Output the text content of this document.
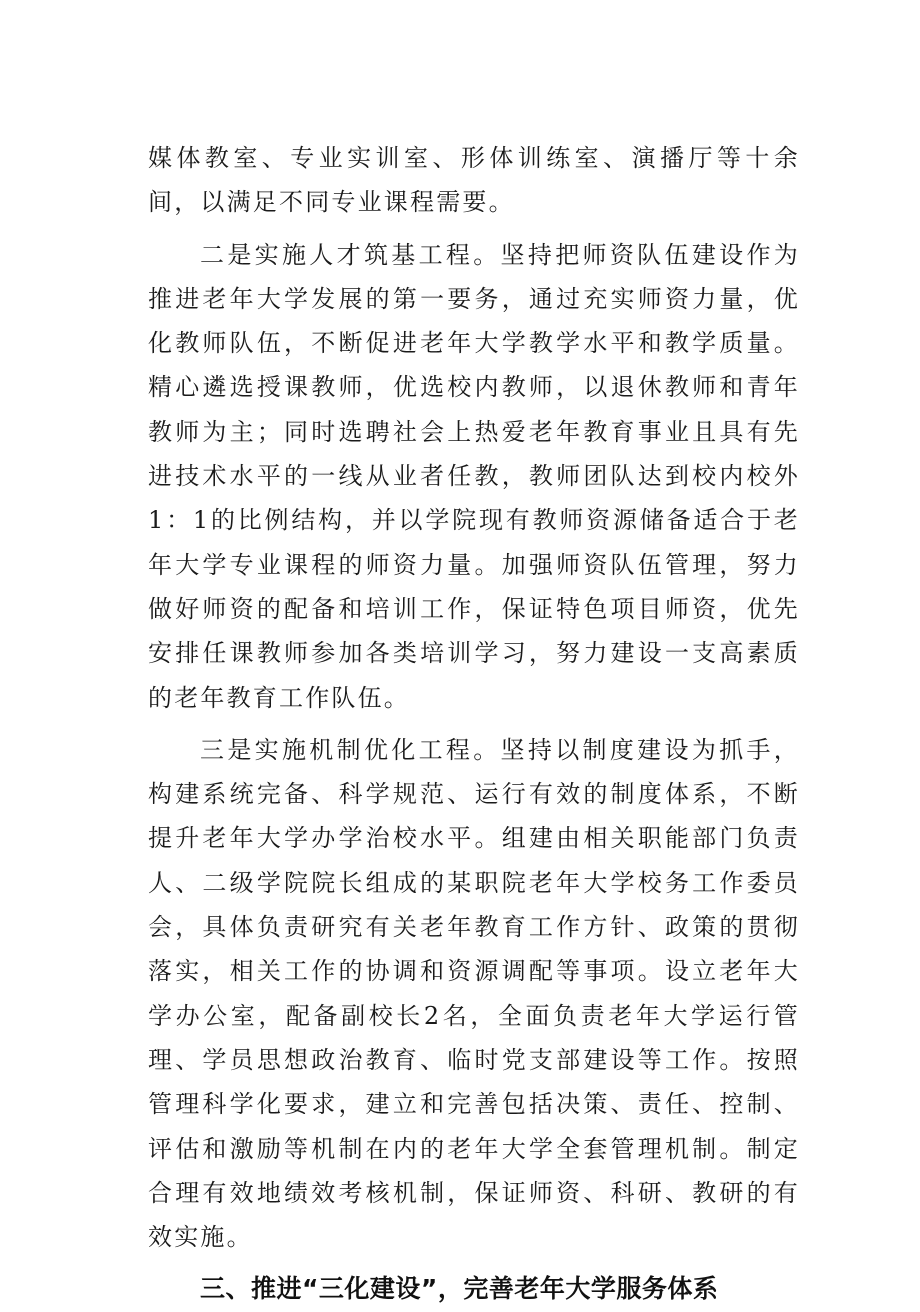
媒体教室、专业实训室、形体训练室、演播厅等十余间，以满足不同专业课程需要。

二是实施人才筑基工程。坚持把师资队伍建设作为推进老年大学发展的第一要务，通过充实师资力量，优化教师队伍，不断促进老年大学教学水平和教学质量。精心遴选授课教师，优选校内教师，以退休教师和青年教师为主；同时选聘社会上热爱老年教育事业且具有先进技术水平的一线从业者任教，教师团队达到校内校外1：1的比例结构，并以学院现有教师资源储备适合于老年大学专业课程的师资力量。加强师资队伍管理，努力做好师资的配备和培训工作，保证特色项目师资，优先安排任课教师参加各类培训学习，努力建设一支高素质的老年教育工作队伍。

三是实施机制优化工程。坚持以制度建设为抓手，构建系统完备、科学规范、运行有效的制度体系，不断提升老年大学办学治校水平。组建由相关职能部门负责人、二级学院院长组成的某职院老年大学校务工作委员会，具体负责研究有关老年教育工作方针、政策的贯彻落实，相关工作的协调和资源调配等事项。设立老年大学办公室，配备副校长2名，全面负责老年大学运行管理、学员思想政治教育、临时党支部建设等工作。按照管理科学化要求，建立和完善包括决策、责任、控制、评估和激励等机制在内的老年大学全套管理机制。制定合理有效地绩效考核机制，保证师资、科研、教研的有效实施。

三、推进“三化建设”，完善老年大学服务体系
